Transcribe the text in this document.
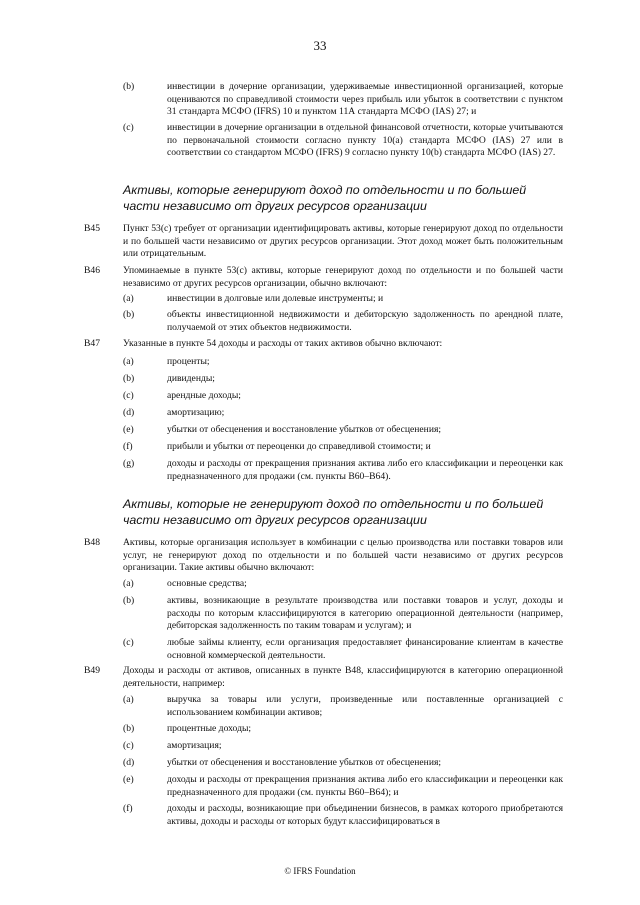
33
(b)	инвестиции в дочерние организации, удерживаемые инвестиционной организацией, которые оцениваются по справедливой стоимости через прибыль или убыток в соответствии с пунктом 31 стандарта МСФО (IFRS) 10 и пунктом 11А стандарта МСФО (IAS) 27; и
(c)	инвестиции в дочерние организации в отдельной финансовой отчетности, которые учитываются по первоначальной стоимости согласно пункту 10(a) стандарта МСФО (IAS) 27 или в соответствии со стандартом МСФО (IFRS) 9 согласно пункту 10(b) стандарта МСФО (IAS) 27.
Активы, которые генерируют доход по отдельности и по большей части независимо от других ресурсов организации
B45 Пункт 53(c) требует от организации идентифицировать активы, которые генерируют доход по отдельности и по большей части независимо от других ресурсов организации. Этот доход может быть положительным или отрицательным.
B46 Упоминаемые в пункте 53(c) активы, которые генерируют доход по отдельности и по большей части независимо от других ресурсов организации, обычно включают:
(a)	инвестиции в долговые или долевые инструменты; и
(b)	объекты инвестиционной недвижимости и дебиторскую задолженность по арендной плате, получаемой от этих объектов недвижимости.
B47 Указанные в пункте 54 доходы и расходы от таких активов обычно включают:
(a)	проценты;
(b)	дивиденды;
(c)	арендные доходы;
(d)	амортизацию;
(e)	убытки от обесценения и восстановление убытков от обесценения;
(f)	прибыли и убытки от переоценки до справедливой стоимости; и
(g)	доходы и расходы от прекращения признания актива либо его классификации и переоценки как предназначенного для продажи (см. пункты B60–B64).
Активы, которые не генерируют доход по отдельности и по большей части независимо от других ресурсов организации
B48 Активы, которые организация использует в комбинации с целью производства или поставки товаров или услуг, не генерируют доход по отдельности и по большей части независимо от других ресурсов организации. Такие активы обычно включают:
(a)	основные средства;
(b)	активы, возникающие в результате производства или поставки товаров и услуг, доходы и расходы по которым классифицируются в категорию операционной деятельности (например, дебиторская задолженность по таким товарам и услугам); и
(c)	любые займы клиенту, если организация предоставляет финансирование клиентам в качестве основной коммерческой деятельности.
B49 Доходы и расходы от активов, описанных в пункте B48, классифицируются в категорию операционной деятельности, например:
(a)	выручка за товары или услуги, произведенные или поставленные организацией с использованием комбинации активов;
(b)	процентные доходы;
(c)	амортизация;
(d)	убытки от обесценения и восстановление убытков от обесценения;
(e)	доходы и расходы от прекращения признания актива либо его классификации и переоценки как предназначенного для продажи (см. пункты B60–B64); и
(f)	доходы и расходы, возникающие при объединении бизнесов, в рамках которого приобретаются активы, доходы и расходы от которых будут классифицироваться в
© IFRS Foundation
